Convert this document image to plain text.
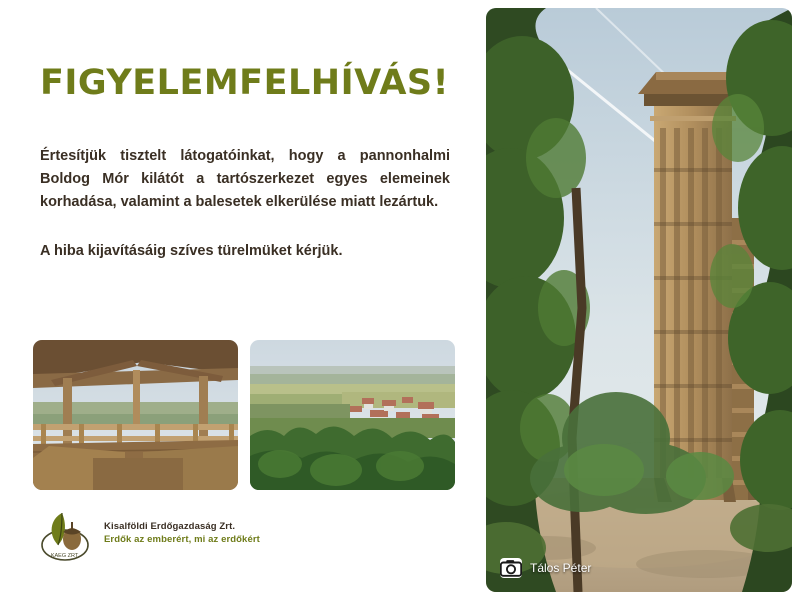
FIGYELEMFELHÍVÁS!

Értesítjük tisztelt látogatóinkat, hogy a pannonhalmi Boldog Mór kilátót a tartószerkezet egyes elemeinek korhadása, valamint a balesetek elkerülése miatt lezártuk.

A hiba kijavításáig szíves türelmüket kérjük.

KAEG ZRT.
Kisalföldi Erdőgazdaság Zrt.
Erdők az emberért, mi az erdőkért
Tálos Péter
